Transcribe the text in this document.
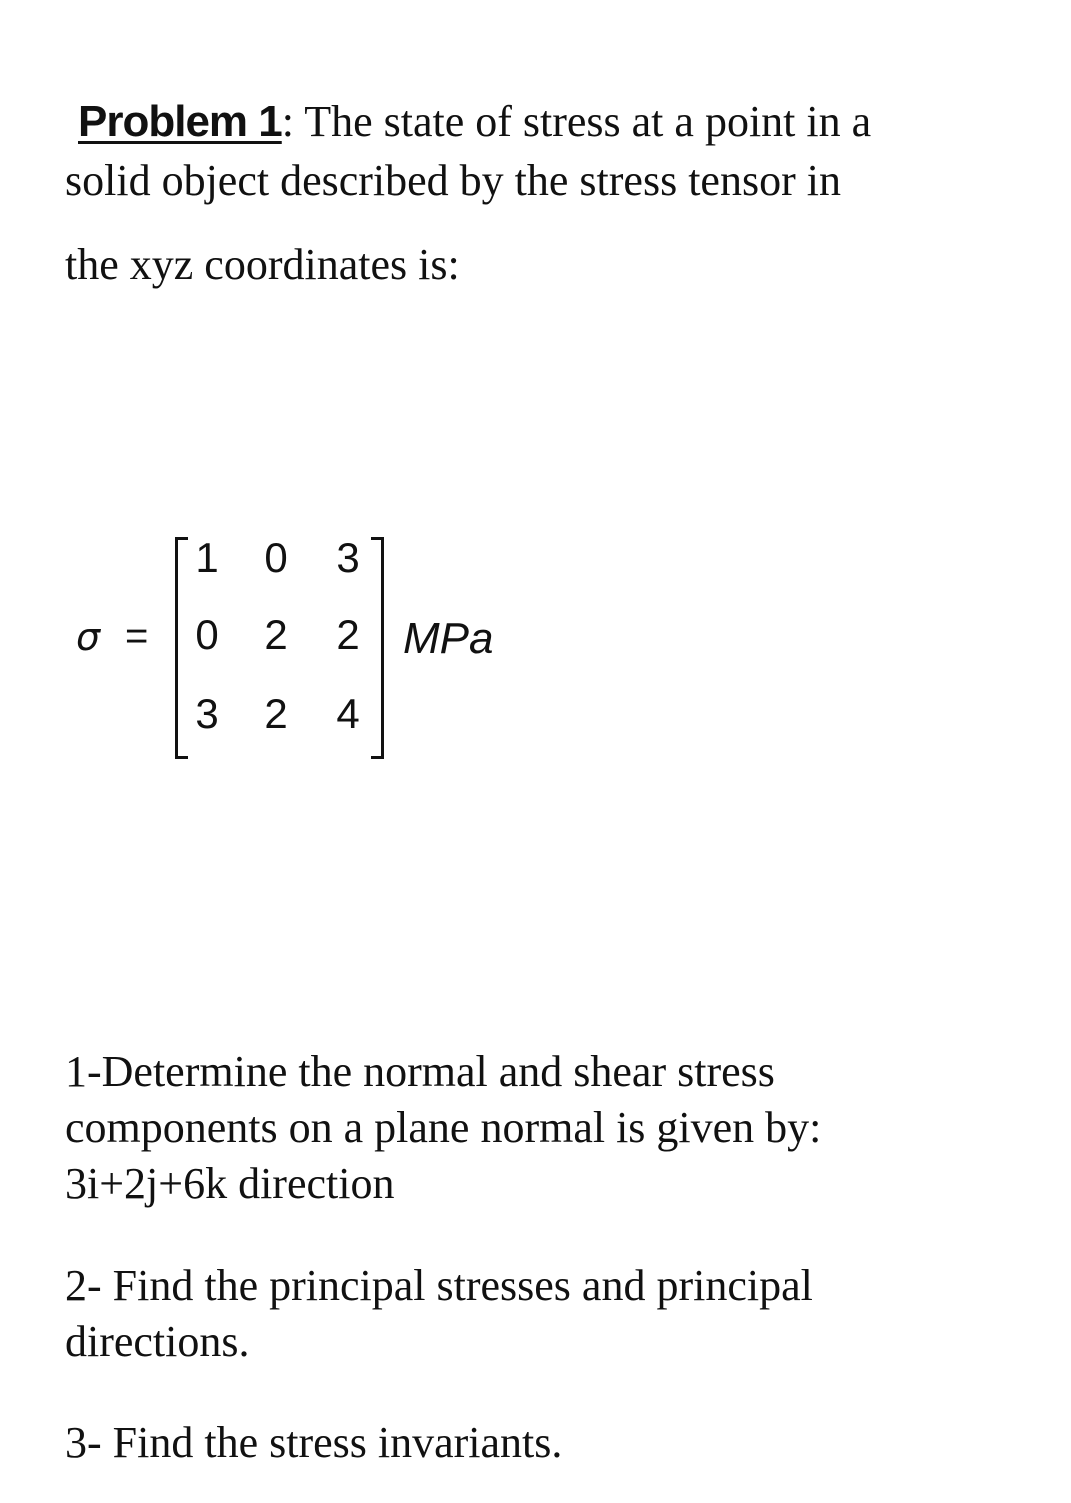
Problem 1: The state of stress at a point in a

solid object described by the stress tensor in

the xyz coordinates is:

σ =
1 0 3
0 2 2
3 2 4
MPa

1-Determine the normal and shear stress

components on a plane normal is given by:

3i+2j+6k direction

2- Find the principal stresses and principal

directions.

3- Find the stress invariants.
